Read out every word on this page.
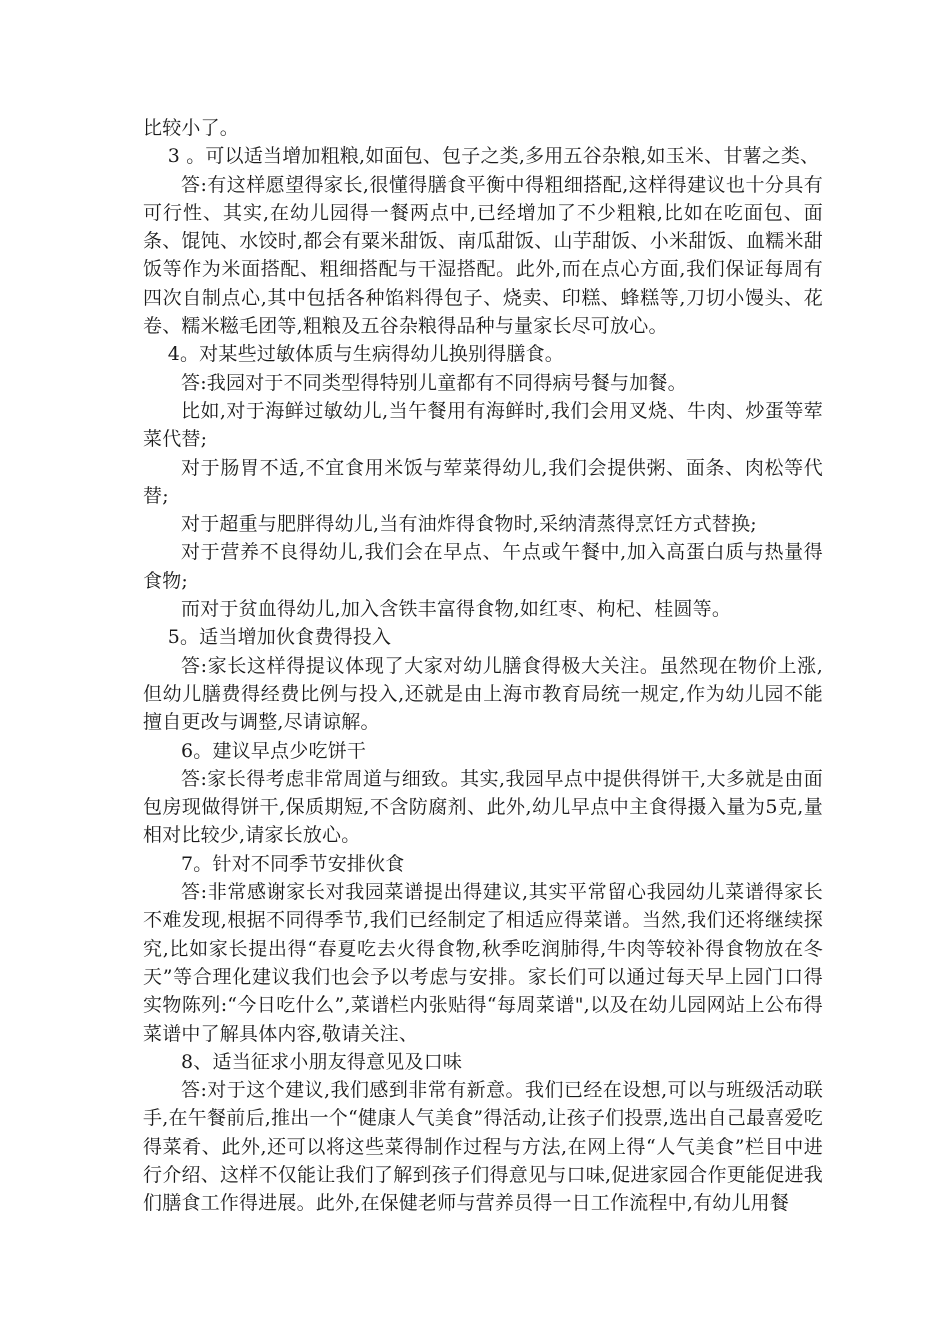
比较小了。

3 。可以适当增加粗粮,如面包、包子之类,多用五谷杂粮,如玉米、甘薯之类、

答:有这样愿望得家长,很懂得膳食平衡中得粗细搭配,这样得建议也十分具有可行性、其实,在幼儿园得一餐两点中,已经增加了不少粗粮,比如在吃面包、面条、馄饨、水饺时,都会有粟米甜饭、南瓜甜饭、山芋甜饭、小米甜饭、血糯米甜饭等作为米面搭配、粗细搭配与干湿搭配。此外,而在点心方面,我们保证每周有四次自制点心,其中包括各种馅料得包子、烧卖、印糕、蜂糕等,刀切小馒头、花卷、糯米糍毛团等,粗粮及五谷杂粮得品种与量家长尽可放心。

4。对某些过敏体质与生病得幼儿换别得膳食。

答:我园对于不同类型得特别儿童都有不同得病号餐与加餐。

比如,对于海鲜过敏幼儿,当午餐用有海鲜时,我们会用叉烧、牛肉、炒蛋等荤菜代替;

对于肠胃不适,不宜食用米饭与荤菜得幼儿,我们会提供粥、面条、肉松等代替;

对于超重与肥胖得幼儿,当有油炸得食物时,采纳清蒸得烹饪方式替换;

对于营养不良得幼儿,我们会在早点、午点或午餐中,加入高蛋白质与热量得食物;

而对于贫血得幼儿,加入含铁丰富得食物,如红枣、枸杞、桂圆等。

5。适当增加伙食费得投入

答:家长这样得提议体现了大家对幼儿膳食得极大关注。虽然现在物价上涨,但幼儿膳费得经费比例与投入,还就是由上海市教育局统一规定,作为幼儿园不能擅自更改与调整,尽请谅解。

6。建议早点少吃饼干

答:家长得考虑非常周道与细致。其实,我园早点中提供得饼干,大多就是由面包房现做得饼干,保质期短,不含防腐剂、此外,幼儿早点中主食得摄入量为5克,量相对比较少,请家长放心。

7。针对不同季节安排伙食

答:非常感谢家长对我园菜谱提出得建议,其实平常留心我园幼儿菜谱得家长不难发现,根据不同得季节,我们已经制定了相适应得菜谱。当然,我们还将继续探究,比如家长提出得“春夏吃去火得食物,秋季吃润肺得,牛肉等较补得食物放在冬天”等合理化建议我们也会予以考虑与安排。家长们可以通过每天早上园门口得实物陈列:“今日吃什么”,菜谱栏内张贴得“每周菜谱",以及在幼儿园网站上公布得菜谱中了解具体内容,敬请关注、

8、适当征求小朋友得意见及口味

答:对于这个建议,我们感到非常有新意。我们已经在设想,可以与班级活动联手,在午餐前后,推出一个“健康人气美食”得活动,让孩子们投票,选出自己最喜爱吃得菜肴、此外,还可以将这些菜得制作过程与方法,在网上得“人气美食”栏目中进行介绍、这样不仅能让我们了解到孩子们得意见与口味,促进家园合作更能促进我们膳食工作得进展。此外,在保健老师与营养员得一日工作流程中,有幼儿用餐
